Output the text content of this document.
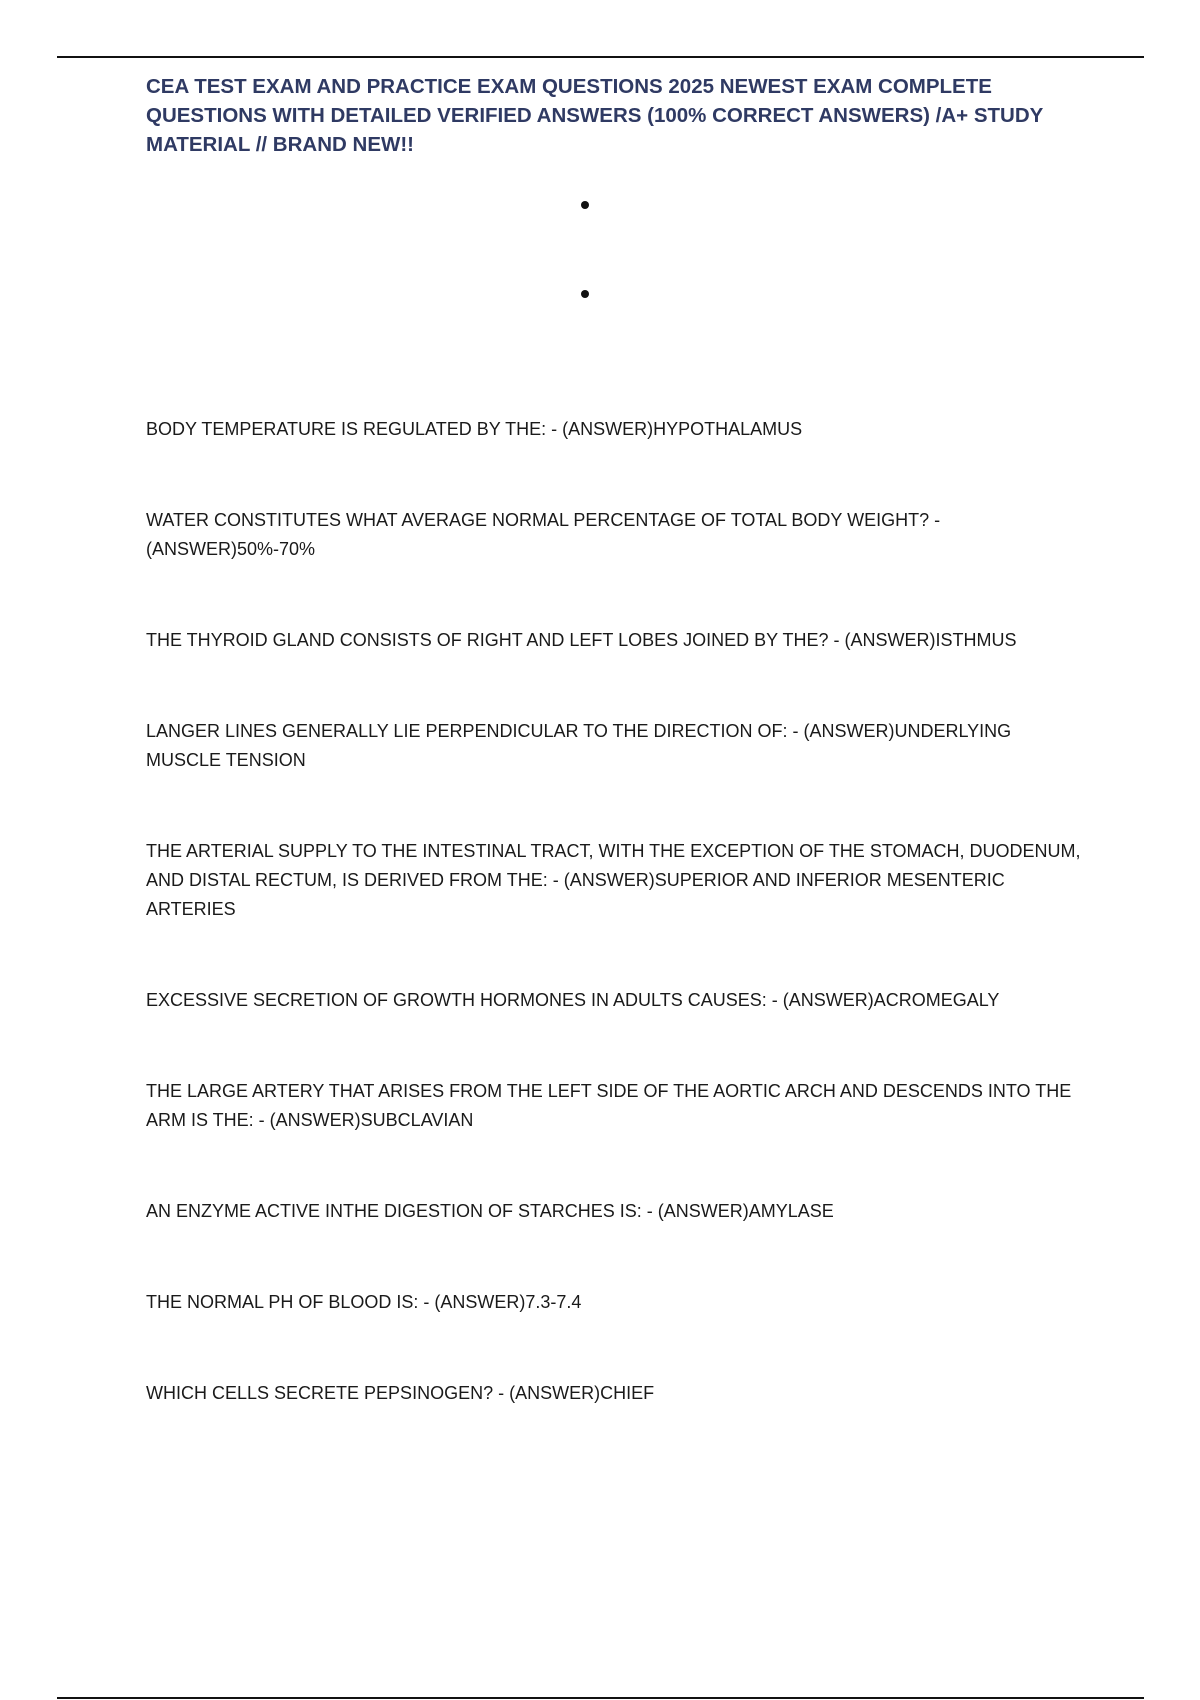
CEA TEST EXAM AND PRACTICE EXAM QUESTIONS 2025 NEWEST EXAM COMPLETE QUESTIONS WITH DETAILED VERIFIED ANSWERS (100% CORRECT ANSWERS) /A+ STUDY MATERIAL // BRAND NEW!!
BODY TEMPERATURE IS REGULATED BY THE: - (ANSWER)HYPOTHALAMUS
WATER CONSTITUTES WHAT AVERAGE NORMAL PERCENTAGE OF TOTAL BODY WEIGHT? - (ANSWER)50%-70%
THE THYROID GLAND CONSISTS OF RIGHT AND LEFT LOBES JOINED BY THE? - (ANSWER)ISTHMUS
LANGER LINES GENERALLY LIE PERPENDICULAR TO THE DIRECTION OF: - (ANSWER)UNDERLYING MUSCLE TENSION
THE ARTERIAL SUPPLY TO THE INTESTINAL TRACT, WITH THE EXCEPTION OF THE STOMACH, DUODENUM, AND DISTAL RECTUM, IS DERIVED FROM THE: - (ANSWER)SUPERIOR AND INFERIOR MESENTERIC ARTERIES
EXCESSIVE SECRETION OF GROWTH HORMONES IN ADULTS CAUSES: - (ANSWER)ACROMEGALY
THE LARGE ARTERY THAT ARISES FROM THE LEFT SIDE OF THE AORTIC ARCH AND DESCENDS INTO THE ARM IS THE: - (ANSWER)SUBCLAVIAN
AN ENZYME ACTIVE INTHE DIGESTION OF STARCHES IS: - (ANSWER)AMYLASE
THE NORMAL PH OF BLOOD IS: - (ANSWER)7.3-7.4
WHICH CELLS SECRETE PEPSINOGEN? - (ANSWER)CHIEF
